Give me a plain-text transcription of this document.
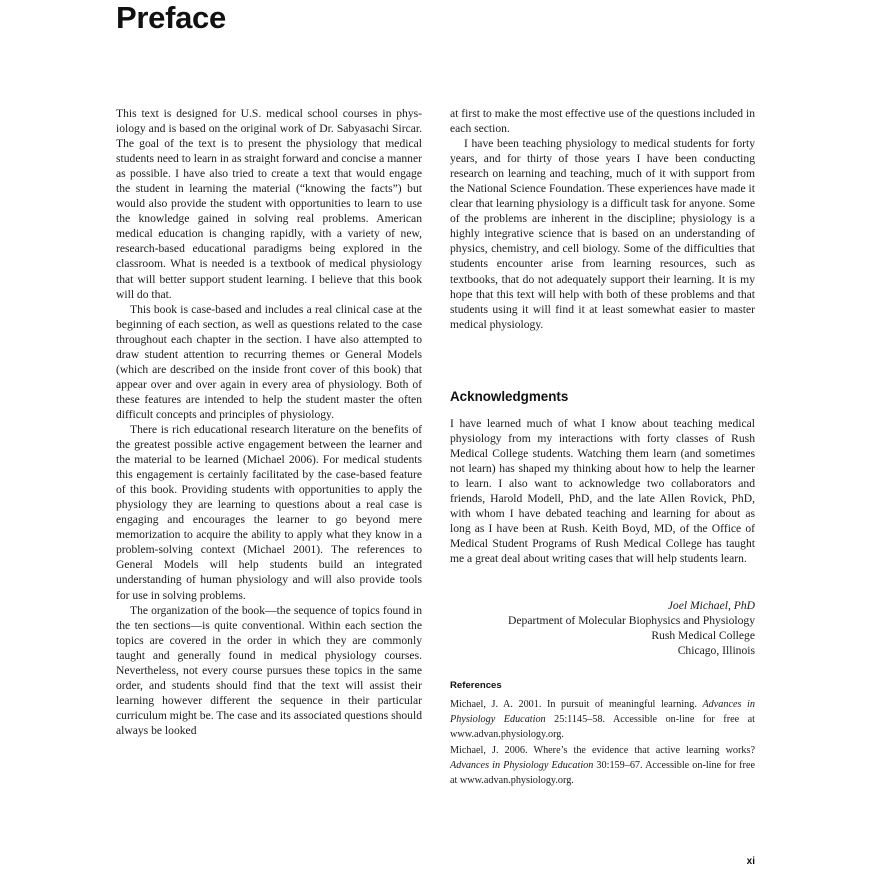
Preface

This text is designed for U.S. medical school courses in physiology and is based on the original work of Dr. Sabyasachi Sircar. The goal of the text is to present the physiology that medical students need to learn in as straight forward and concise a manner as possible. I have also tried to create a text that would engage the student in learning the material (“knowing the facts”) but would also provide the student with opportunities to learn to use the knowledge gained in solving real problems. American medical education is changing rapidly, with a variety of new, research-based educational paradigms being explored in the classroom. What is needed is a textbook of medical physiology that will better support student learning. I believe that this book will do that.

This book is case-based and includes a real clinical case at the beginning of each section, as well as questions related to the case throughout each chapter in the section. I have also attempted to draw student attention to recurring themes or General Models (which are described on the inside front cover of this book) that appear over and over again in every area of physiology. Both of these features are intended to help the student master the often difficult concepts and principles of physiology.

There is rich educational research literature on the benefits of the greatest possible active engagement between the learner and the material to be learned (Michael 2006). For medical students this engagement is certainly facilitated by the case-based feature of this book. Providing students with opportunities to apply the physiology they are learning to questions about a real case is engaging and encourages the learner to go beyond mere memorization to acquire the ability to apply what they know in a problem-solving context (Michael 2001). The references to General Models will help students build an integrated understanding of human physiology and will also provide tools for use in solving problems.

The organization of the book—the sequence of topics found in the ten sections—is quite conventional. Within each section the topics are covered in the order in which they are commonly taught and generally found in medical physiology courses. Nevertheless, not every course pursues these topics in the same order, and students should find that the text will assist their learning however different the sequence in their particular curriculum might be. The case and its associated questions should always be looked

at first to make the most effective use of the questions included in each section.

I have been teaching physiology to medical students for forty years, and for thirty of those years I have been conducting research on learning and teaching, much of it with support from the National Science Foundation. These experiences have made it clear that learning physiology is a difficult task for anyone. Some of the problems are inherent in the discipline; physiology is a highly integrative science that is based on an understanding of physics, chemistry, and cell biology. Some of the difficulties that students encounter arise from learning resources, such as textbooks, that do not adequately support their learning. It is my hope that this text will help with both of these problems and that students using it will find it at least somewhat easier to master medical physiology.

Acknowledgments

I have learned much of what I know about teaching medical physiology from my interactions with forty classes of Rush Medical College students. Watching them learn (and sometimes not learn) has shaped my thinking about how to help the learner to learn. I also want to acknowledge two collaborators and friends, Harold Modell, PhD, and the late Allen Rovick, PhD, with whom I have debated teaching and learning for about as long as I have been at Rush. Keith Boyd, MD, of the Office of Medical Student Programs of Rush Medical College has taught me a great deal about writing cases that will help students learn.

Joel Michael, PhD
Department of Molecular Biophysics and Physiology
Rush Medical College
Chicago, Illinois
References

Michael, J. A. 2001. In pursuit of meaningful learning. Advances in Physiology Education 25:1145–58. Accessible on-line for free at www.advan.physiology.org.

Michael, J. 2006. Where’s the evidence that active learning works? Advances in Physiology Education 30:159–67. Accessible on-line for free at www.advan.physiology.org.

xi
